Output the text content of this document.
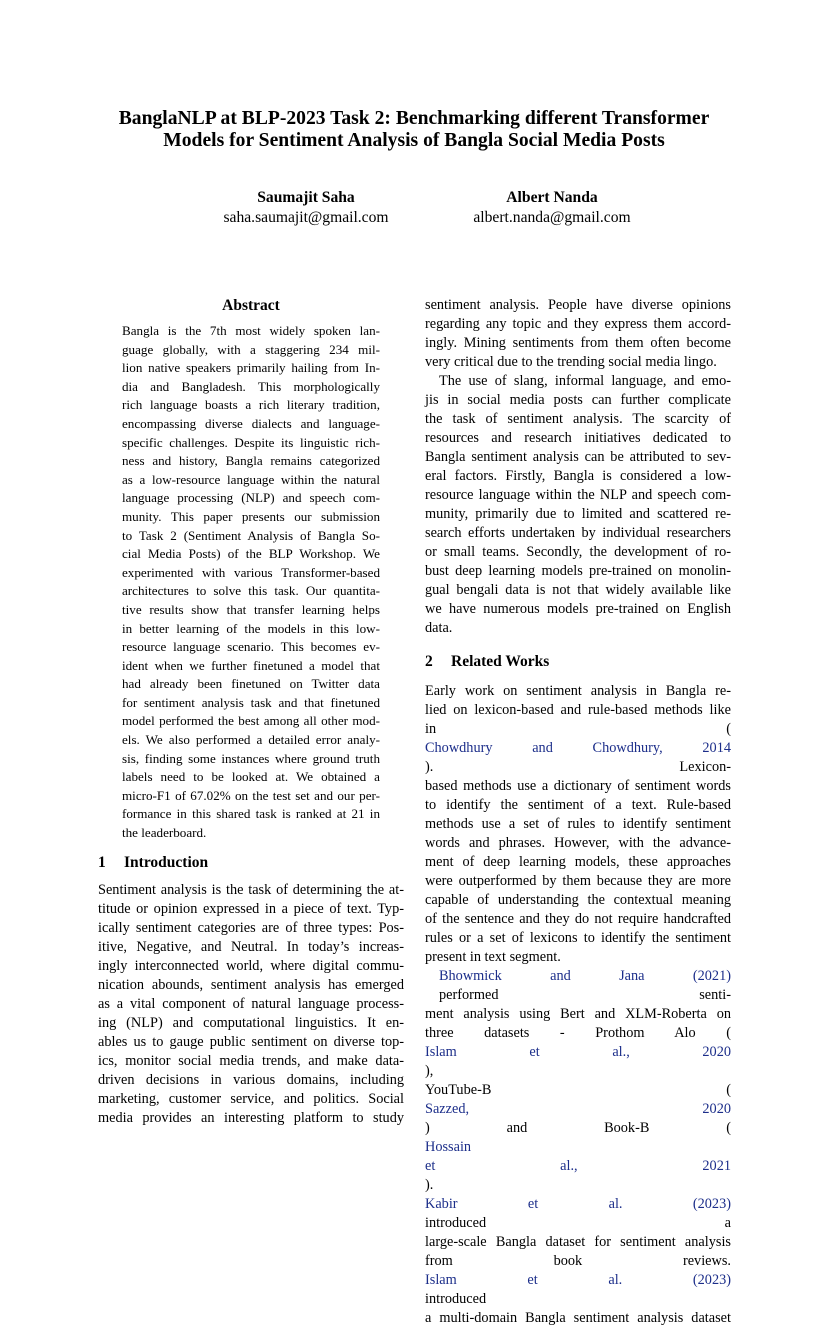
BanglaNLP at BLP-2023 Task 2: Benchmarking different Transformer
Models for Sentiment Analysis of Bangla Social Media Posts
Saumajit Saha
saha.saumajit@gmail.com
Albert Nanda
albert.nanda@gmail.com
Abstract
Bangla is the 7th most widely spoken lan-
guage globally, with a staggering 234 mil-
lion native speakers primarily hailing from In-
dia and Bangladesh. This morphologically
rich language boasts a rich literary tradition,
encompassing diverse dialects and language-
specific challenges. Despite its linguistic rich-
ness and history, Bangla remains categorized
as a low-resource language within the natural
language processing (NLP) and speech com-
munity. This paper presents our submission
to Task 2 (Sentiment Analysis of Bangla So-
cial Media Posts) of the BLP Workshop. We
experimented with various Transformer-based
architectures to solve this task. Our quantita-
tive results show that transfer learning helps
in better learning of the models in this low-
resource language scenario. This becomes ev-
ident when we further finetuned a model that
had already been finetuned on Twitter data
for sentiment analysis task and that finetuned
model performed the best among all other mod-
els. We also performed a detailed error analy-
sis, finding some instances where ground truth
labels need to be looked at. We obtained a
micro-F1 of 67.02% on the test set and our per-
formance in this shared task is ranked at 21 in
the leaderboard.
1 Introduction
Sentiment analysis is the task of determining the at-
titude or opinion expressed in a piece of text. Typ-
ically sentiment categories are of three types: Pos-
itive, Negative, and Neutral. In today’s increas-
ingly interconnected world, where digital commu-
nication abounds, sentiment analysis has emerged
as a vital component of natural language process-
ing (NLP) and computational linguistics. It en-
ables us to gauge public sentiment on diverse top-
ics, monitor social media trends, and make data-
driven decisions in various domains, including
marketing, customer service, and politics. Social
media provides an interesting platform to study
sentiment analysis. People have diverse opinions
regarding any topic and they express them accord-
ingly. Mining sentiments from them often become
very critical due to the trending social media lingo.
The use of slang, informal language, and emo-
jis in social media posts can further complicate
the task of sentiment analysis. The scarcity of
resources and research initiatives dedicated to
Bangla sentiment analysis can be attributed to sev-
eral factors. Firstly, Bangla is considered a low-
resource language within the NLP and speech com-
munity, primarily due to limited and scattered re-
search efforts undertaken by individual researchers
or small teams. Secondly, the development of ro-
bust deep learning models pre-trained on monolin-
gual bengali data is not that widely available like
we have numerous models pre-trained on English
data.
2 Related Works
Early work on sentiment analysis in Bangla re-
lied on lexicon-based and rule-based methods like
in (
Chowdhury and Chowdhury, 2014
). Lexicon-
based methods use a dictionary of sentiment words
to identify the sentiment of a text. Rule-based
methods use a set of rules to identify sentiment
words and phrases. However, with the advance-
ment of deep learning models, these approaches
were outperformed by them because they are more
capable of understanding the contextual meaning
of the sentence and they do not require handcrafted
rules or a set of lexicons to identify the sentiment
present in text segment.
Bhowmick and Jana (2021)
performed senti-
ment analysis using Bert and XLM-Roberta on
three datasets - Prothom Alo (
Islam et al., 2020
),
YouTube-B (
Sazzed, 2020
) and Book-B (
Hossain
et al., 2021
).
Kabir et al. (2023)
introduced a
large-scale Bangla dataset for sentiment analysis
from book reviews.
Islam et al. (2023)
introduced
a multi-domain Bangla sentiment analysis dataset
